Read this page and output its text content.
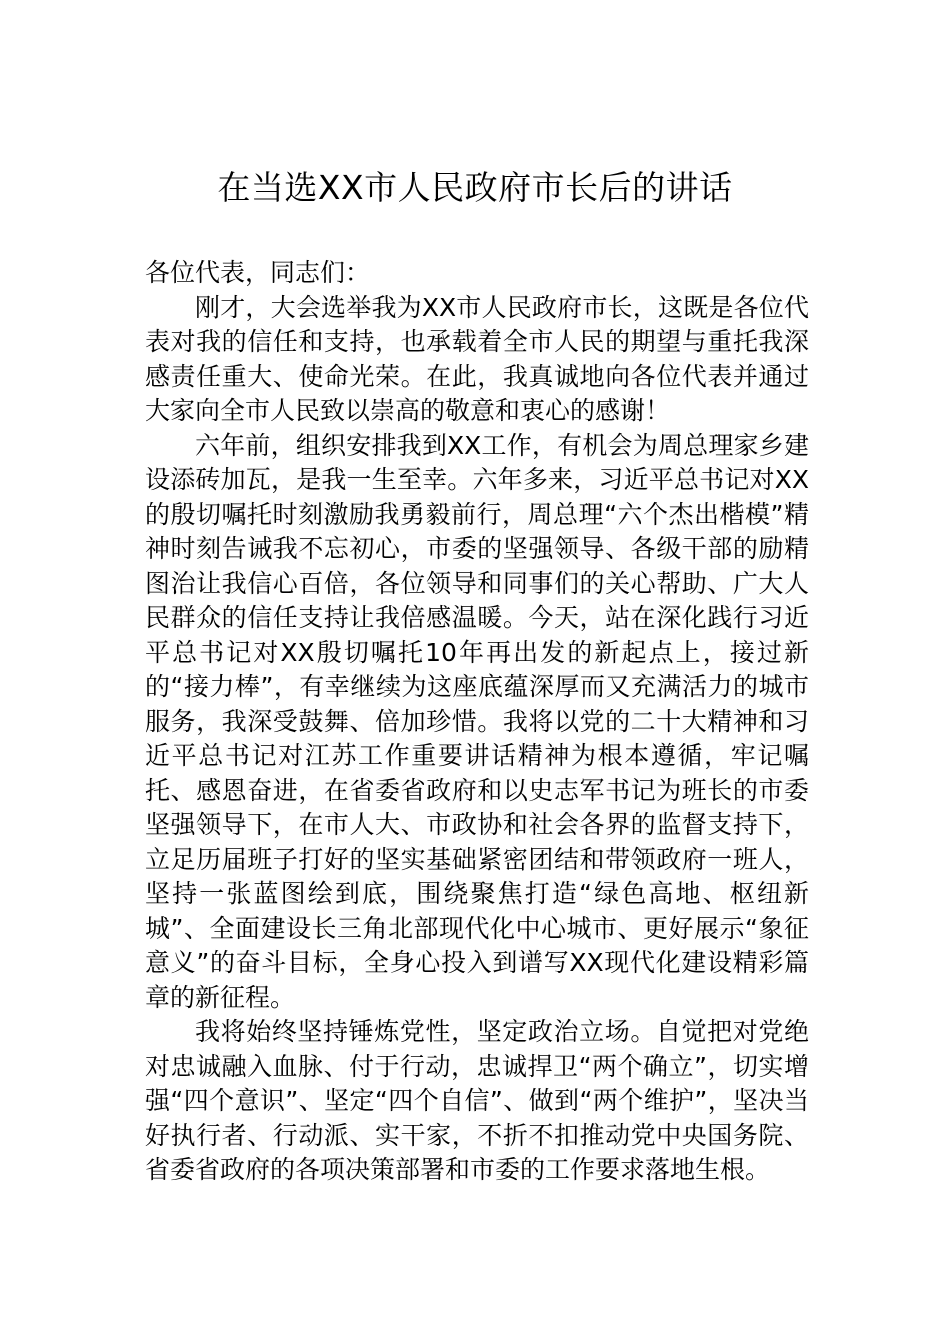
在当选XX市人民政府市长后的讲话

各位代表，同志们：

刚才，大会选举我为XX市人民政府市长，这既是各位代表对我的信任和支持，也承载着全市人民的期望与重托我深感责任重大、使命光荣。在此，我真诚地向各位代表并通过大家向全市人民致以崇高的敬意和衷心的感谢！

六年前，组织安排我到XX工作，有机会为周总理家乡建设添砖加瓦，是我一生至幸。六年多来，习近平总书记对XX的殷切嘱托时刻激励我勇毅前行，周总理“六个杰出楷模”精神时刻告诫我不忘初心，市委的坚强领导、各级干部的励精图治让我信心百倍，各位领导和同事们的关心帮助、广大人民群众的信任支持让我倍感温暖。今天，站在深化践行习近平总书记对XX殷切嘱托10年再出发的新起点上，接过新的“接力棒”，有幸继续为这座底蕴深厚而又充满活力的城市服务，我深受鼓舞、倍加珍惜。我将以党的二十大精神和习近平总书记对江苏工作重要讲话精神为根本遵循，牢记嘱托、感恩奋进，在省委省政府和以史志军书记为班长的市委坚强领导下，在市人大、市政协和社会各界的监督支持下，立足历届班子打好的坚实基础紧密团结和带领政府一班人，坚持一张蓝图绘到底，围绕聚焦打造“绿色高地、枢纽新城”、全面建设长三角北部现代化中心城市、更好展示“象征意义”的奋斗目标，全身心投入到谱写XX现代化建设精彩篇章的新征程。

我将始终坚持锤炼党性，坚定政治立场。自觉把对党绝对忠诚融入血脉、付于行动，忠诚捍卫“两个确立”，切实增强“四个意识”、坚定“四个自信”、做到“两个维护”，坚决当好执行者、行动派、实干家，不折不扣推动党中央国务院、省委省政府的各项决策部署和市委的工作要求落地生根。
